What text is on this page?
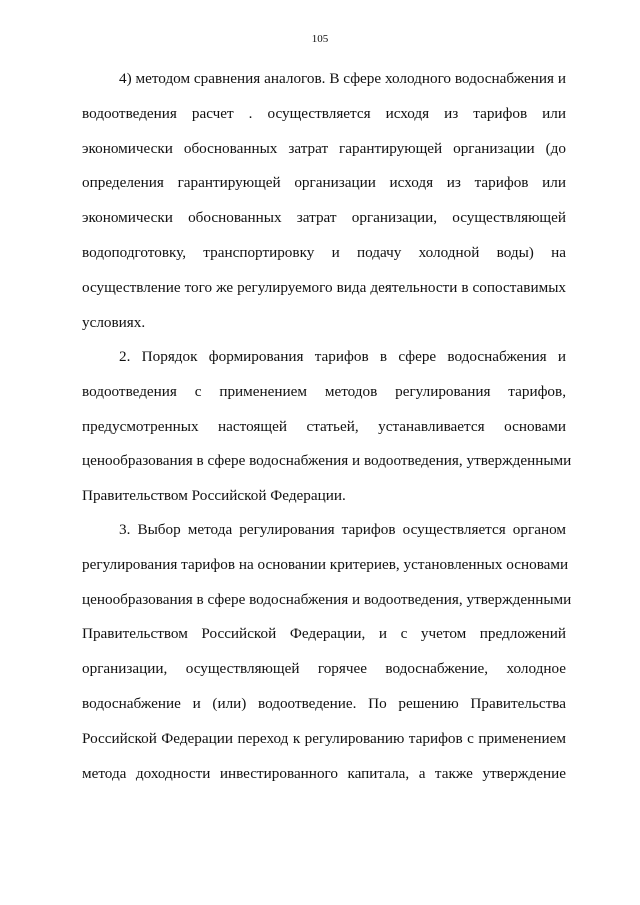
105
4) методом сравнения аналогов. В сфере холодного водоснабжения и
водоотведения расчет . осуществляется исходя из тарифов или
экономически обоснованных затрат гарантирующей организации (до
определения гарантирующей организации исходя из тарифов или
экономически обоснованных затрат организации, осуществляющей
водоподготовку, транспортировку и подачу холодной воды) на
осуществление того же регулируемого вида деятельности в сопоставимых
условиях.
2. Порядок формирования тарифов в сфере водоснабжения и
водоотведения с применением методов регулирования тарифов,
предусмотренных настоящей статьей, устанавливается основами
ценообразования в сфере водоснабжения и водоотведения, утвержденными
Правительством Российской Федерации.
3. Выбор метода регулирования тарифов осуществляется органом
регулирования тарифов на основании критериев, установленных основами
ценообразования в сфере водоснабжения и водоотведения, утвержденными
Правительством Российской Федерации, и с учетом предложений
организации, осуществляющей горячее водоснабжение, холодное
водоснабжение и (или) водоотведение. По решению Правительства
Российской Федерации переход к регулированию тарифов с применением
метода доходности инвестированного капитала, а также утверждение
